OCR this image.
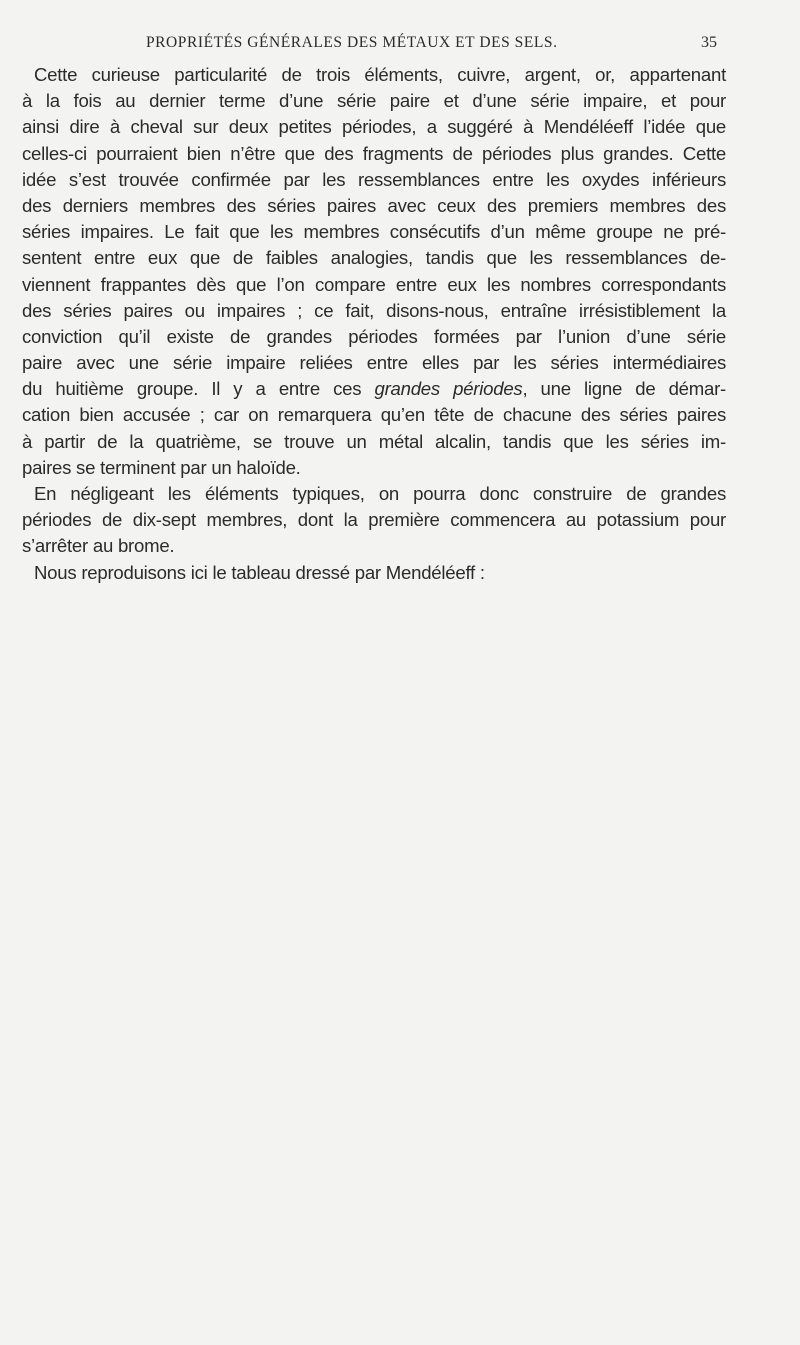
PROPRIÉTÉS GÉNÉRALES DES MÉTAUX ET DES SELS.	35
Cette curieuse particularité de trois éléments, cuivre, argent, or, appartenant
à la fois au dernier terme d’une série paire et d’une série impaire, et pour
ainsi dire à cheval sur deux petites périodes, a suggéré à Mendéléeff l’idée que
celles-ci pourraient bien n’être que des fragments de périodes plus grandes. Cette
idée s’est trouvée confirmée par les ressemblances entre les oxydes inférieurs
des derniers membres des séries paires avec ceux des premiers membres des
séries impaires. Le fait que les membres consécutifs d’un même groupe ne pré-
sentent entre eux que de faibles analogies, tandis que les ressemblances de-
viennent frappantes dès que l’on compare entre eux les nombres correspondants
des séries paires ou impaires ; ce fait, disons-nous, entraîne irrésistiblement la
conviction qu’il existe de grandes périodes formées par l’union d’une série
paire avec une série impaire reliées entre elles par les séries intermédiaires
du huitième groupe. Il y a entre ces grandes périodes, une ligne de démar-
cation bien accusée ; car on remarquera qu’en tête de chacune des séries paires
à partir de la quatrième, se trouve un métal alcalin, tandis que les séries im-
paires se terminent par un haloïde.
En négligeant les éléments typiques, on pourra donc construire de grandes
périodes de dix-sept membres, dont la première commencera au potassium pour
s’arrêter au brome.
Nous reproduisons ici le tableau dressé par Mendéléeff :
